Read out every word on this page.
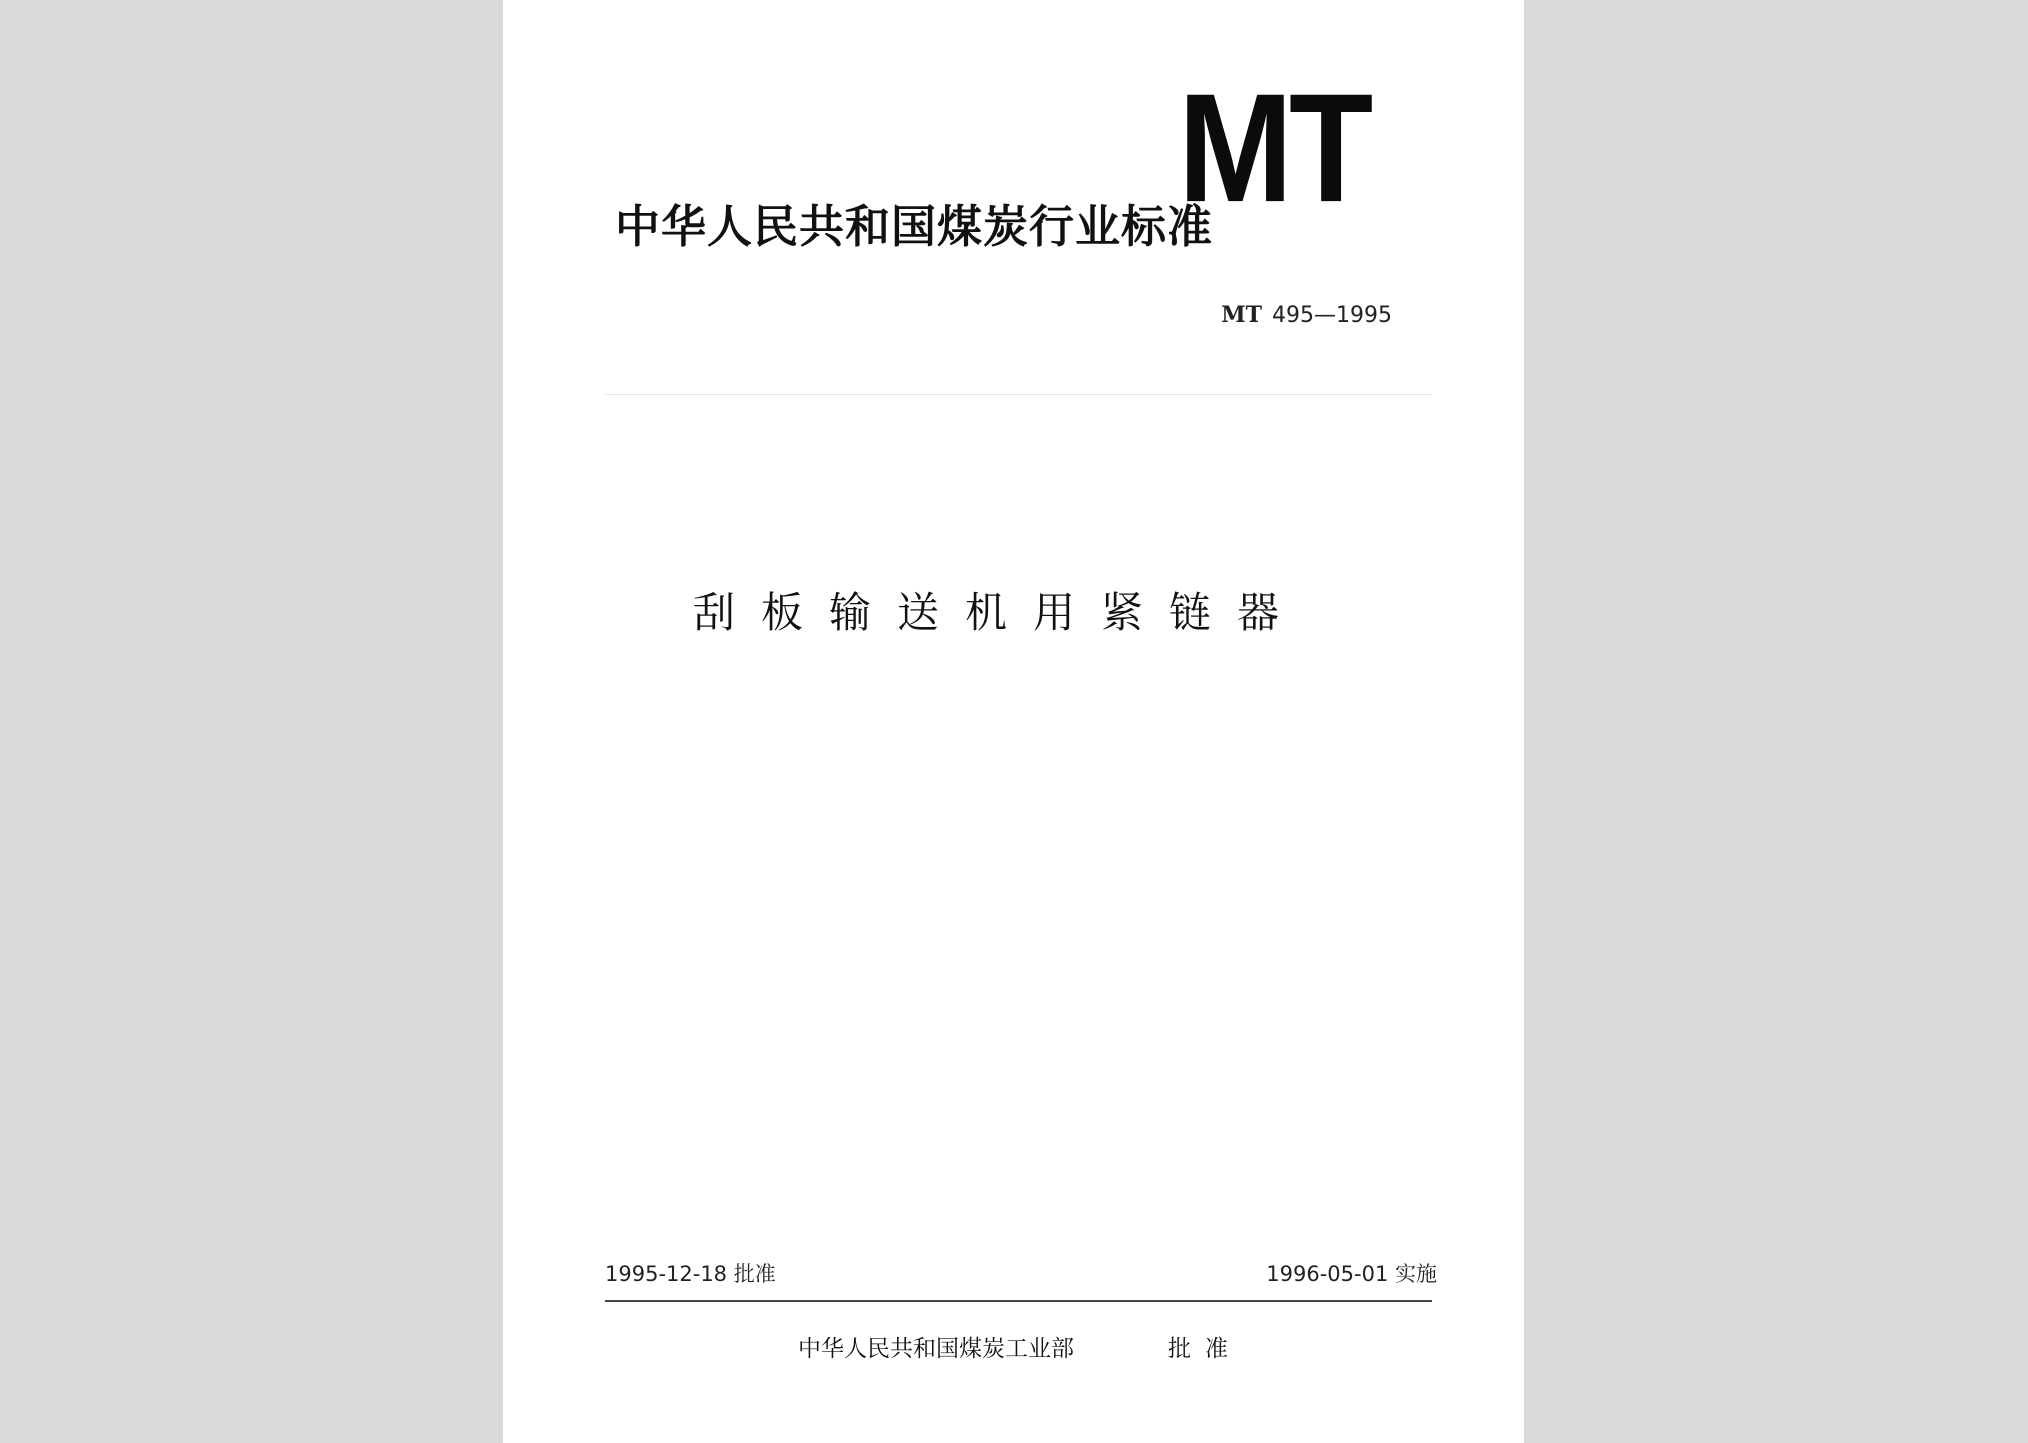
MT
中华人民共和国煤炭行业标准
MT 495—1995
刮板输送机用紧链器
1995-12-18 批准	1996-05-01 实施
中华人民共和国煤炭工业部	批准
